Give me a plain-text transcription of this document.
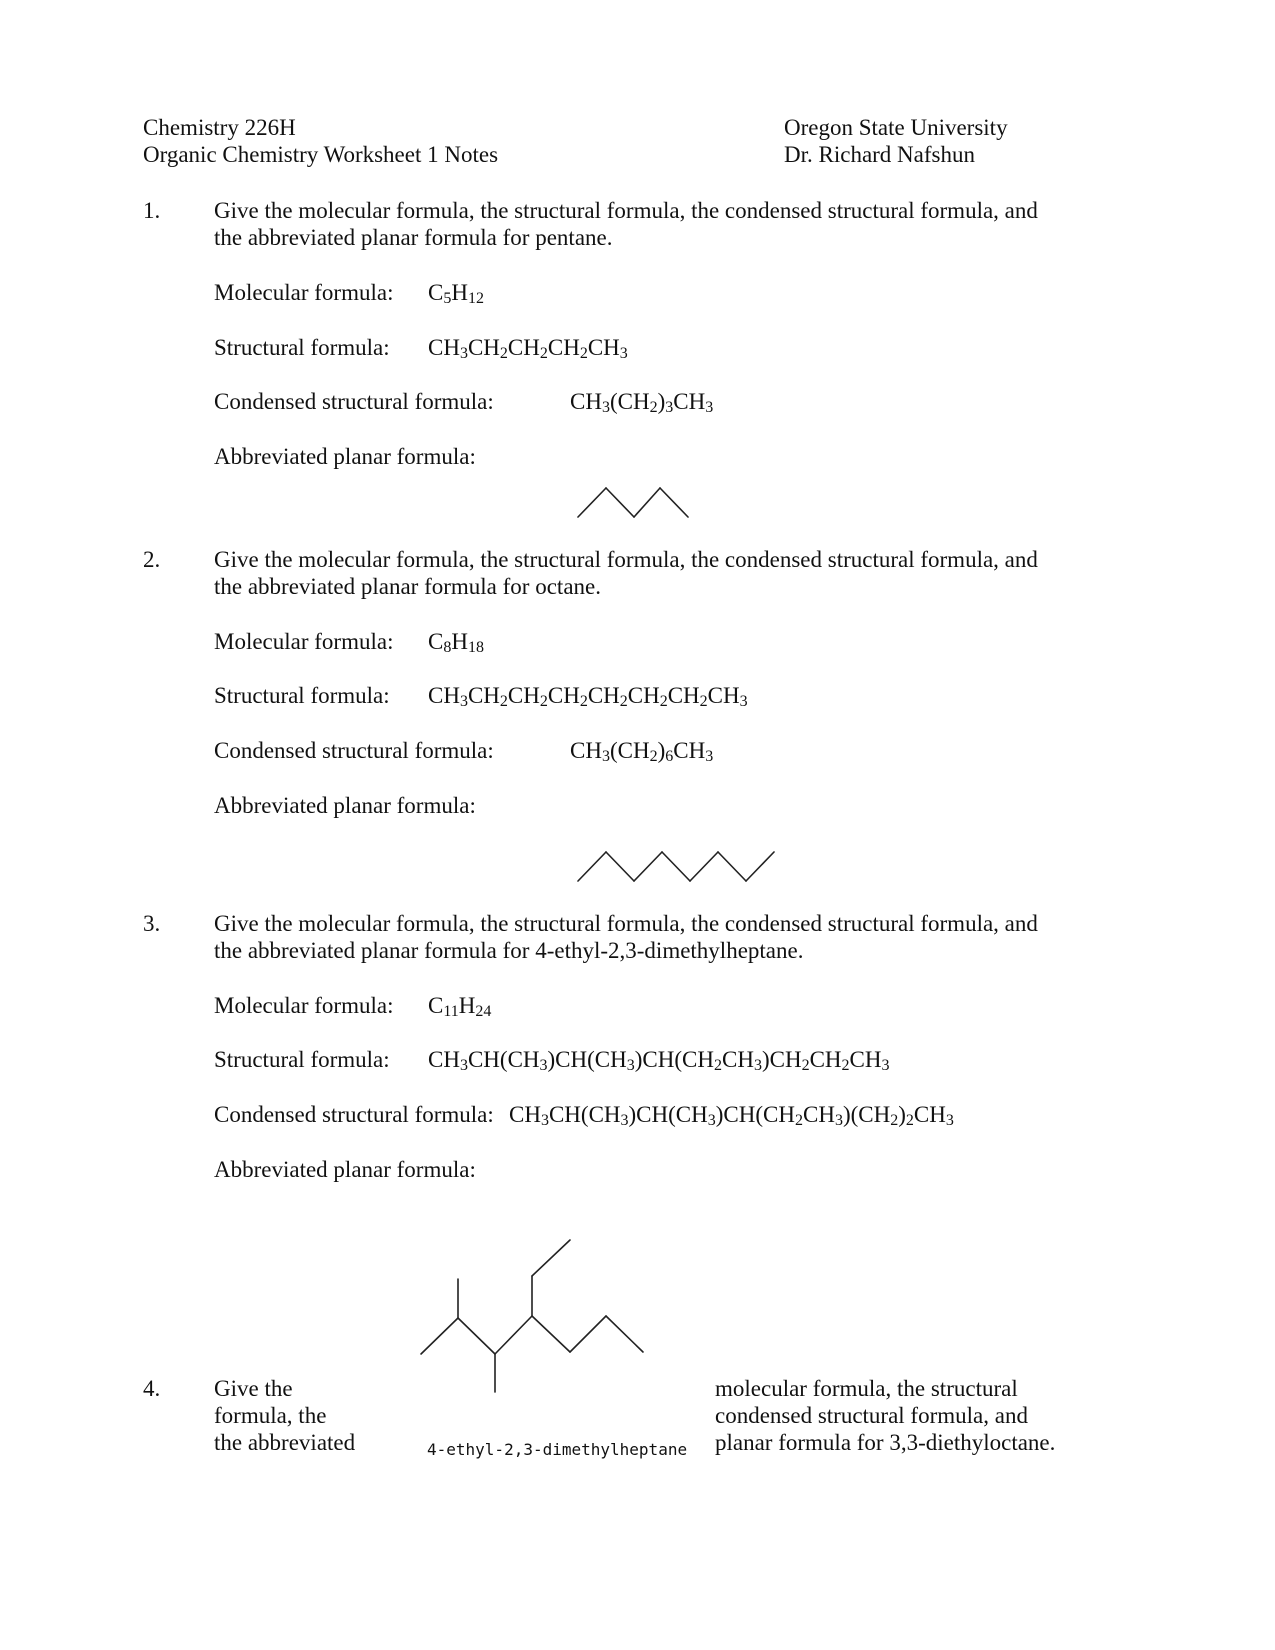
Chemistry 226H
Organic Chemistry Worksheet 1 Notes
Oregon State University
Dr. Richard Nafshun
1. Give the molecular formula, the structural formula, the condensed structural formula, and
the abbreviated planar formula for pentane.
Molecular formula: $C_5H_{12}$
Structural formula: $CH_3CH_2CH_2CH_2CH_3$
Condensed structural formula:	$CH_3(CH_2)_3CH_3$
Abbreviated planar formula:
2. Give the molecular formula, the structural formula, the condensed structural formula, and
the abbreviated planar formula for octane.
Molecular formula: $C_8H_{18}$
Structural formula: $CH_3CH_2CH_2CH_2CH_2CH_2CH_2CH_3$
Condensed structural formula:	$CH_3(CH_2)_6CH_3$
Abbreviated planar formula:
3. Give the molecular formula, the structural formula, the condensed structural formula, and
the abbreviated planar formula for 4-ethyl-2,3-dimethylheptane.
Molecular formula: $C_{11}H_{24}$
Structural formula: $CH_3CH(CH_3)CH(CH_3)CH(CH_2CH_3)CH_2CH_2CH_3$
Condensed structural formula: $CH_3CH(CH_3)CH(CH_3)CH(CH_2CH_3)(CH_2)_2CH_3$
Abbreviated planar formula:
4-ethyl-2,3-dimethylheptane
4. Give the
formula, the
the abbreviated
molecular formula, the structural
condensed structural formula, and
planar formula for 3,3-diethyloctane.
